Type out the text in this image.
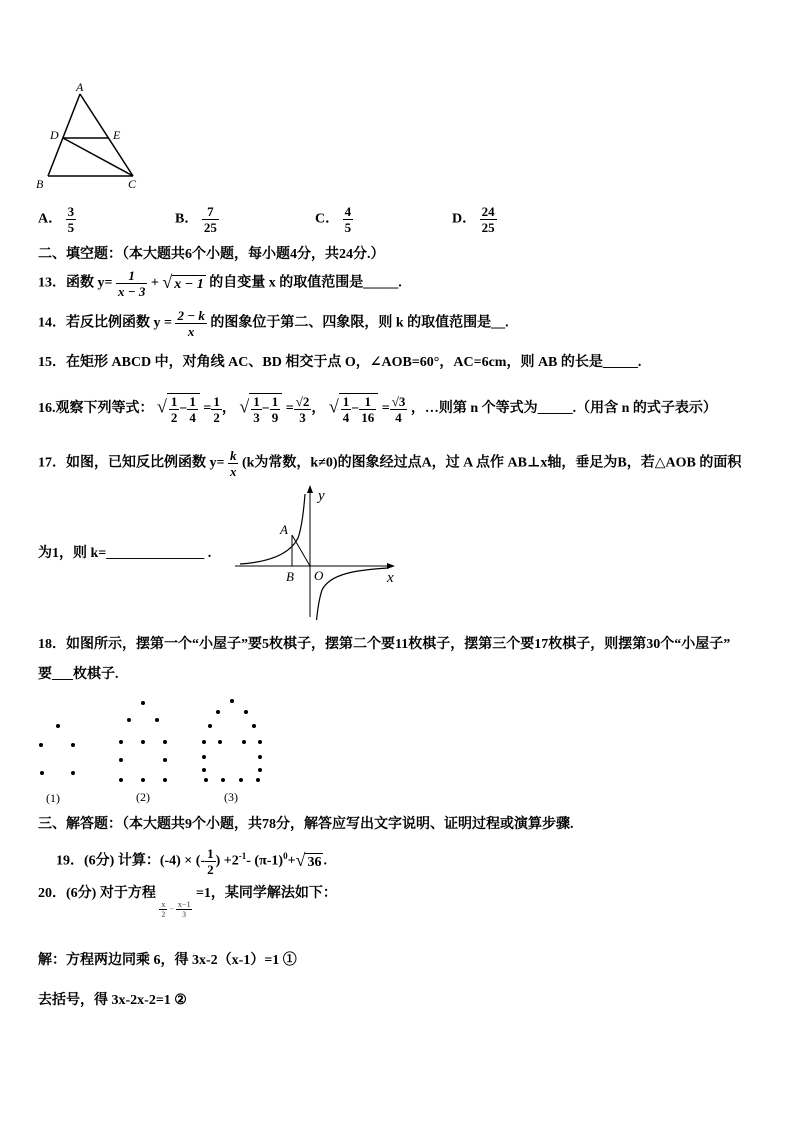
A
D	E
B	C
A． $\frac{3}{5}$	B． $\frac{7}{25}$	C． $\frac{4}{5}$	D． $\frac{24}{25}$
二、填空题：（本大题共6个小题，每小题4分，共24分.）
13．函数 $y= \frac{1}{x - 3}$ + √ x − 1 的自变量 x 的取值范围是_____.
14．若反比例函数 $y = \frac{2 - k}{x}$ 的图象位于第二、四象限，则 k 的取值范围是__.
15．在矩形 ABCD 中，对角线 AC、BD 相交于点 O，∠AOB=60°，AC=6cm，则 AB 的长是_____.
16.观察下列等式： √ $\frac{1}{2} - \frac{1}{4} = \frac{1}{2}$ ， √ $\frac{1}{3} - \frac{1}{9} = \frac{√2}{3}$ ， √ $\frac{1}{4} - \frac{1}{16} = \frac{√3}{4}$ ，…则第 n 个等式为_____.（用含 n 的式子表示）
17．如图，已知反比例函数 $y= \frac{k}{x} (k$为常数，k≠0)的图象经过点A，过 A 点作 AB⊥x轴，垂足为B，若△AOB 的面积
为1，则 k=______________ .
y
x
A
B O
18．如图所示，摆第一个“小屋子”要5枚棋子，摆第二个要11枚棋子，摆第三个要17枚棋子，则摆第30个“小屋子”
要___枚棋子.
(1)	(2)	(3)
三、解答题：（本大题共9个小题，共78分，解答应写出文字说明、证明过程或演算步骤.
19．(6分) 计算：(-4) × (- $\frac{1}{2}$ ) $+2^{-1}-$ $(\pi-1)^0+√$ 36 .
20．(6分) 对于方程
$\frac{x}{2} - \frac{x-1}{3}$
=1，某同学解法如下：
解：方程两边同乘 6，得 3x-2（x-1）=1 ①
去括号，得 3x-2x-2=1 ②
